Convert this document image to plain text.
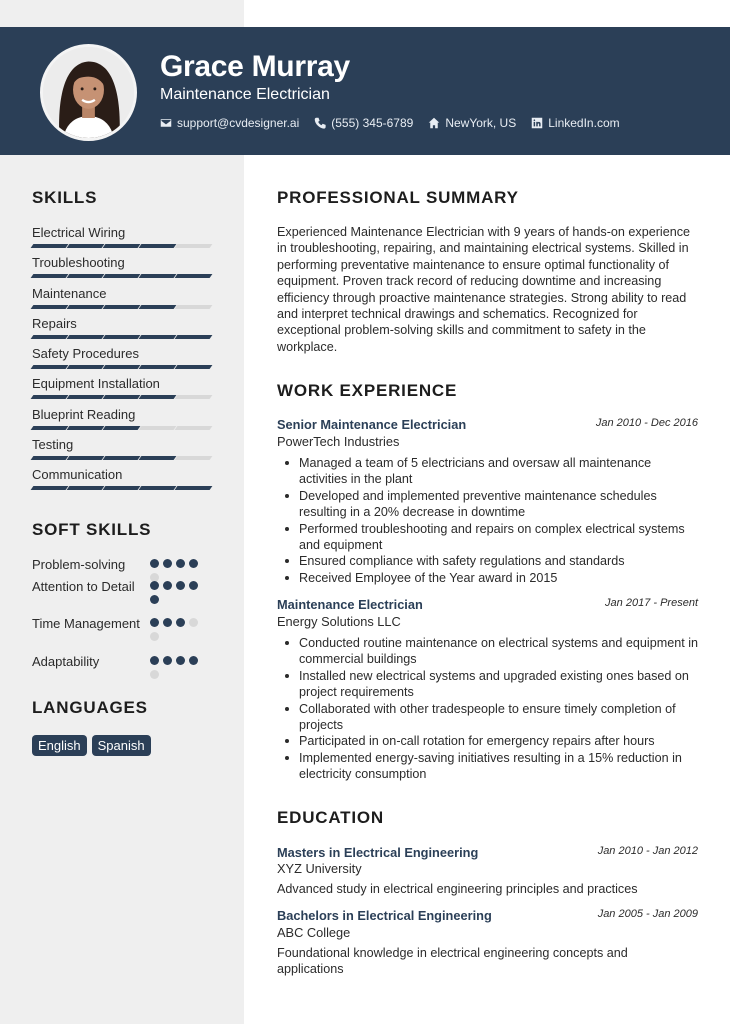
Grace Murray
Maintenance Electrician
support@cvdesigner.ai	(555) 345-6789	NewYork, US	LinkedIn.com
SKILLS
Electrical Wiring
Troubleshooting
Maintenance
Repairs
Safety Procedures
Equipment Installation
Blueprint Reading
Testing
Communication
SOFT SKILLS
Problem-solving
Attention to Detail
Time Management
Adaptability
LANGUAGES
English	Spanish
PROFESSIONAL SUMMARY
Experienced Maintenance Electrician with 9 years of hands-on experience in troubleshooting, repairing, and maintaining electrical systems. Skilled in performing preventative maintenance to ensure optimal functionality of equipment. Proven track record of reducing downtime and increasing efficiency through proactive maintenance strategies. Strong ability to read and interpret technical drawings and schematics. Recognized for exceptional problem-solving skills and commitment to safety in the workplace.
WORK EXPERIENCE
Senior Maintenance Electrician	Jan 2010 - Dec 2016
PowerTech Industries
Managed a team of 5 electricians and oversaw all maintenance activities in the plant
Developed and implemented preventive maintenance schedules resulting in a 20% decrease in downtime
Performed troubleshooting and repairs on complex electrical systems and equipment
Ensured compliance with safety regulations and standards
Received Employee of the Year award in 2015
Maintenance Electrician	Jan 2017 - Present
Energy Solutions LLC
Conducted routine maintenance on electrical systems and equipment in commercial buildings
Installed new electrical systems and upgraded existing ones based on project requirements
Collaborated with other tradespeople to ensure timely completion of projects
Participated in on-call rotation for emergency repairs after hours
Implemented energy-saving initiatives resulting in a 15% reduction in electricity consumption
EDUCATION
Masters in Electrical Engineering	Jan 2010 - Jan 2012
XYZ University
Advanced study in electrical engineering principles and practices
Bachelors in Electrical Engineering	Jan 2005 - Jan 2009
ABC College
Foundational knowledge in electrical engineering concepts and applications
